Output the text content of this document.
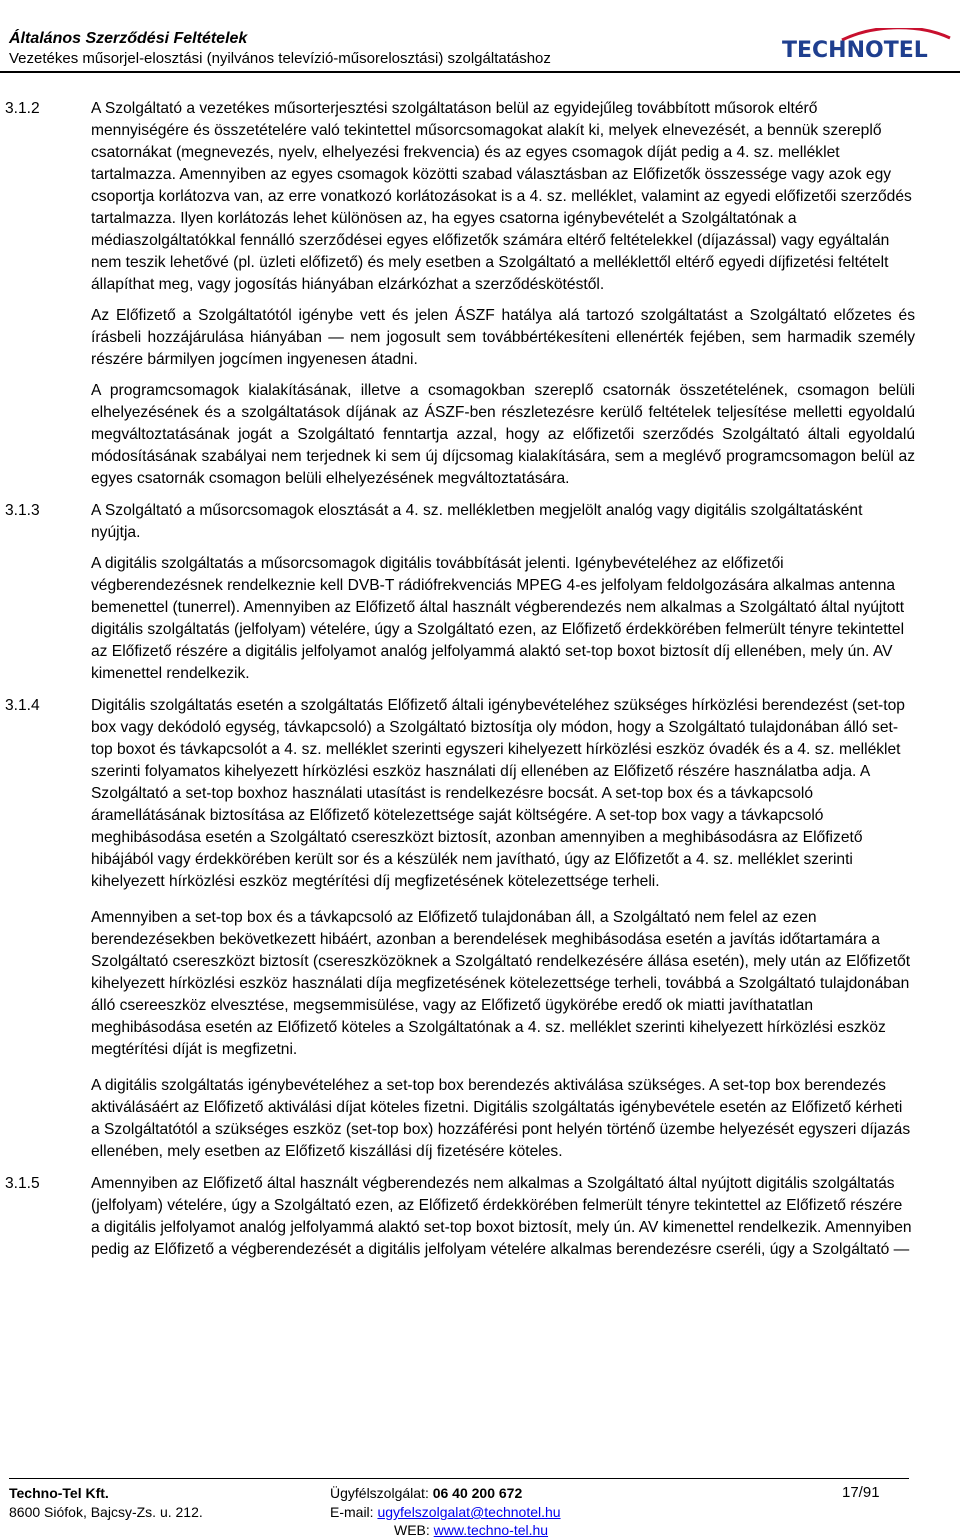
Általános Szerződési Feltételek
Vezetékes műsorjel-elosztási (nyilvános televízió-műsorelosztási) szolgáltatáshoz	TECHNOTEL
3.1.2	A Szolgáltató a vezetékes műsorterjesztési szolgáltatáson belül az egyidejűleg továbbított műsorok eltérő mennyiségére és összetételére való tekintettel műsorcsomagokat alakít ki, melyek elnevezését, a bennük szereplő csatornákat (megnevezés, nyelv, elhelyezési frekvencia) és az egyes csomagok díját pedig a 4. sz. melléklet tartalmazza. Amennyiben az egyes csomagok közötti szabad választásban az Előfizetők összessége vagy azok egy csoportja korlátozva van, az erre vonatkozó korlátozásokat is a 4. sz. melléklet, valamint az egyedi előfizetői szerződés tartalmazza. Ilyen korlátozás lehet különösen az, ha egyes csatorna igénybevételét a Szolgáltatónak a médiaszolgáltatókkal fennálló szerződései egyes előfizetők számára eltérő feltételekkel (díjazással) vagy egyáltalán nem teszik lehetővé (pl. üzleti előfizető) és mely esetben a Szolgáltató a melléklettől eltérő egyedi díjfizetési feltételt állapíthat meg, vagy jogosítás hiányában elzárkózhat a szerződéskötéstől.

Az Előfizető a Szolgáltatótól igénybe vett és jelen ÁSZF hatálya alá tartozó szolgáltatást a Szolgáltató előzetes és írásbeli hozzájárulása hiányában — nem jogosult sem továbbértékesíteni ellenérték fejében, sem harmadik személy részére bármilyen jogcímen ingyenesen átadni.

A programcsomagok kialakításának, illetve a csomagokban szereplő csatornák összetételének, csomagon belüli elhelyezésének és a szolgáltatások díjának az ÁSZF-ben részletezésre kerülő feltételek teljesítése melletti egyoldalú megváltoztatásának jogát a Szolgáltató fenntartja azzal, hogy az előfizetői szerződés Szolgáltató általi egyoldalú módosításának szabályai nem terjednek ki sem új díjcsomag kialakítására, sem a meglévő programcsomagon belül az egyes csatornák csomagon belüli elhelyezésének megváltoztatására.

3.1.3	A Szolgáltató a műsorcsomagok elosztását a 4. sz. mellékletben megjelölt analóg vagy digitális szolgáltatásként nyújtja.

A digitális szolgáltatás a műsorcsomagok digitális továbbítását jelenti. Igénybevételéhez az előfizetői végberendezésnek rendelkeznie kell DVB-T rádiófrekvenciás MPEG 4-es jelfolyam feldolgozására alkalmas antenna bemenettel (tunerrel). Amennyiben az Előfizető által használt végberendezés nem alkalmas a Szolgáltató által nyújtott digitális szolgáltatás (jelfolyam) vételére, úgy a Szolgáltató ezen, az Előfizető érdekkörében felmerült tényre tekintettel az Előfizető részére a digitális jelfolyamot analóg jelfolyammá alaktó set-top boxot biztosít díj ellenében, mely ún. AV kimenettel rendelkezik.

3.1.4	Digitális szolgáltatás esetén a szolgáltatás Előfizető általi igénybevételéhez szükséges hírközlési berendezést (set-top box vagy dekódoló egység, távkapcsoló) a Szolgáltató biztosítja oly módon, hogy a Szolgáltató tulajdonában álló set-top boxot és távkapcsolót a 4. sz. melléklet szerinti egyszeri kihelyezett hírközlési eszköz óvadék és a 4. sz. melléklet szerinti folyamatos kihelyezett hírközlési eszköz használati díj ellenében az Előfizető részére használatba adja. A Szolgáltató a set-top boxhoz használati utasítást is rendelkezésre bocsát. A set-top box és a távkapcsoló áramellátásának biztosítása az Előfizető kötelezettsége saját költségére. A set-top box vagy a távkapcsoló meghibásodása esetén a Szolgáltató csereszközt biztosít, azonban amennyiben a meghibásodásra az Előfizető hibájából vagy érdekkörében került sor és a készülék nem javítható, úgy az Előfizetőt a 4. sz. melléklet szerinti kihelyezett hírközlési eszköz megtérítési díj megfizetésének kötelezettsége terheli.

Amennyiben a set-top box és a távkapcsoló az Előfizető tulajdonában áll, a Szolgáltató nem felel az ezen berendezésekben bekövetkezett hibáért, azonban a berendelések meghibásodása esetén a javítás időtartamára a Szolgáltató csereszközt biztosít (csereszközöknek a Szolgáltató rendelkezésére állása esetén), mely után az Előfizetőt kihelyezett hírközlési eszköz használati díja megfizetésének kötelezettsége terheli, továbbá a Szolgáltató tulajdonában álló csereeszköz elvesztése, megsemmisülése, vagy az Előfizető ügykörébe eredő ok miatti javíthatatlan meghibásodása esetén az Előfizető köteles a Szolgáltatónak a 4. sz. melléklet szerinti kihelyezett hírközlési eszköz megtérítési díját is megfizetni.

A digitális szolgáltatás igénybevételéhez a set-top box berendezés aktiválása szükséges. A set-top box berendezés aktiválásáért az Előfizető aktiválási díjat köteles fizetni. Digitális szolgáltatás igénybevétele esetén az Előfizető kérheti a Szolgáltatótól a szükséges eszköz (set-top box) hozzáférési pont helyén történő üzembe helyezését egyszeri díjazás ellenében, mely esetben az Előfizető kiszállási díj fizetésére köteles.

3.1.5	Amennyiben az Előfizető által használt végberendezés nem alkalmas a Szolgáltató által nyújtott digitális szolgáltatás (jelfolyam) vételére, úgy a Szolgáltató ezen, az Előfizető érdekkörében felmerült tényre tekintettel az Előfizető részére a digitális jelfolyamot analóg jelfolyammá alaktó set-top boxot biztosít, mely ún. AV kimenettel rendelkezik. Amennyiben pedig az Előfizető a végberendezését a digitális jelfolyam vételére alkalmas berendezésre cseréli, úgy a Szolgáltató —

Techno-Tel Kft.
8600 Siófok, Bajcsy-Zs. u. 212.
Ügyfélszolgálat: 06 40 200 672
E-mail: ugyfelszolgalat@technotel.hu
WEB: www.techno-tel.hu
17/91
